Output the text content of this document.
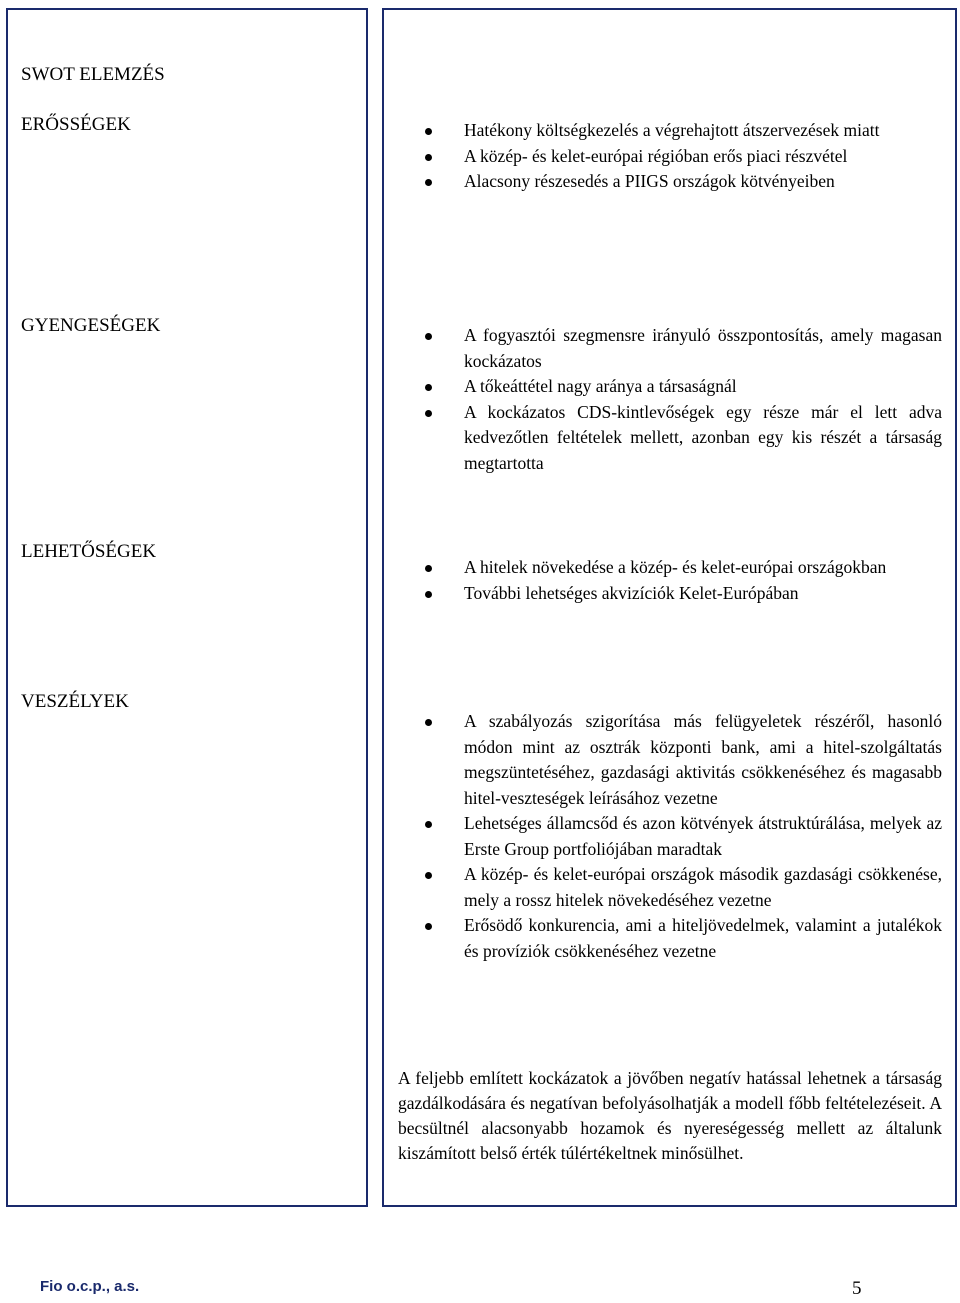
SWOT ELEMZÉS
ERŐSSÉGEK
GYENGESÉGEK
LEHETŐSÉGEK
VESZÉLYEK
Hatékony költségkezelés a végrehajtott átszervezések miatt
A közép- és kelet-európai régióban erős piaci részvétel
Alacsony részesedés a PIIGS országok kötvényeiben
A fogyasztói szegmensre irányuló összpontosítás, amely magasan kockázatos
A tőkeáttétel nagy aránya a társaságnál
A kockázatos CDS-kintlevőségek egy része már el lett adva kedvezőtlen feltételek mellett, azonban egy kis részét a társaság megtartotta
A hitelek növekedése a közép- és kelet-európai országokban
További lehetséges akvizíciók Kelet-Európában
A szabályozás szigorítása más felügyeletek részéről, hasonló módon mint az osztrák központi bank, ami a hitel-szolgáltatás megszüntetéséhez, gazdasági aktivitás csökkenéséhez és magasabb hitel-veszteségek leírásához vezetne
Lehetséges államcsőd és azon kötvények átstruktúrálása, melyek az Erste Group portfoliójában maradtak
A közép- és kelet-európai országok második gazdasági csökkenése, mely a rossz hitelek növekedéséhez vezetne
Erősödő konkurencia, ami a hiteljövedelmek, valamint a jutalékok és províziók csökkenéséhez vezetne

A feljebb említett kockázatok a jövőben negatív hatással lehetnek a társaság gazdálkodására és negatívan befolyásolhatják a modell főbb feltételezéseit. A becsültnél alacsonyabb hozamok és nyereségesség mellett az általunk kiszámított belső érték túlértékeltnek minősülhet.

Fio o.c.p., a.s.	5
